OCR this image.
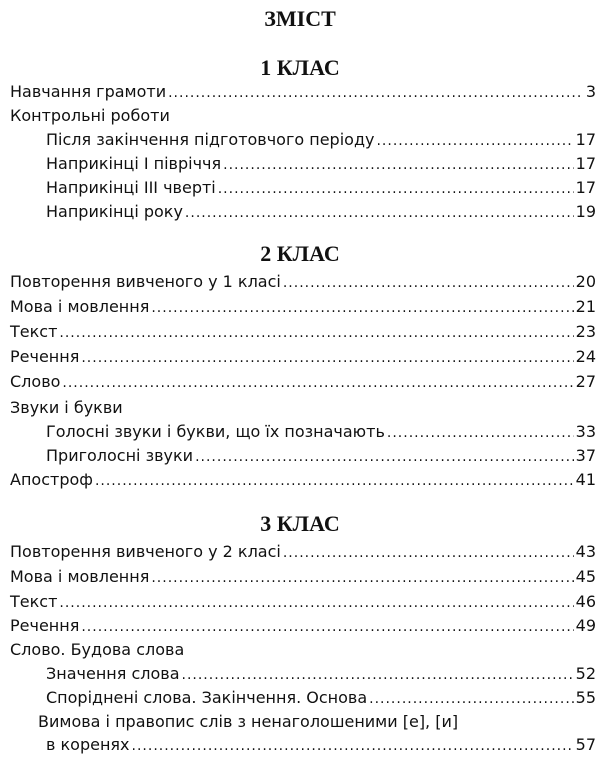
ЗМІСТ
1 КЛАС
Навчання грамоти .....	3
Контрольні роботи
Після закінчення підготовчого періоду .....	17
Наприкінці І півріччя .....	17
Наприкінці ІІІ чверті .....	17
Наприкінці року .....	19
2 КЛАС
Повторення вивченого у 1 класі .....	20
Мова і мовлення .....	21
Текст .....	23
Речення .....	24
Слово .....	27
Звуки і букви
Голосні звуки і букви, що їх позначають .....	33
Приголосні звуки .....	37
Апостроф .....	41
3 КЛАС
Повторення вивченого у 2 класі .....	43
Мова і мовлення .....	45
Текст .....	46
Речення .....	49
Слово. Будова слова
Значення слова .....	52
Споріднені слова. Закінчення. Основа .....	55
Вимова і правопис слів з ненаголошеними [е], [и]
в коренях .....	57
